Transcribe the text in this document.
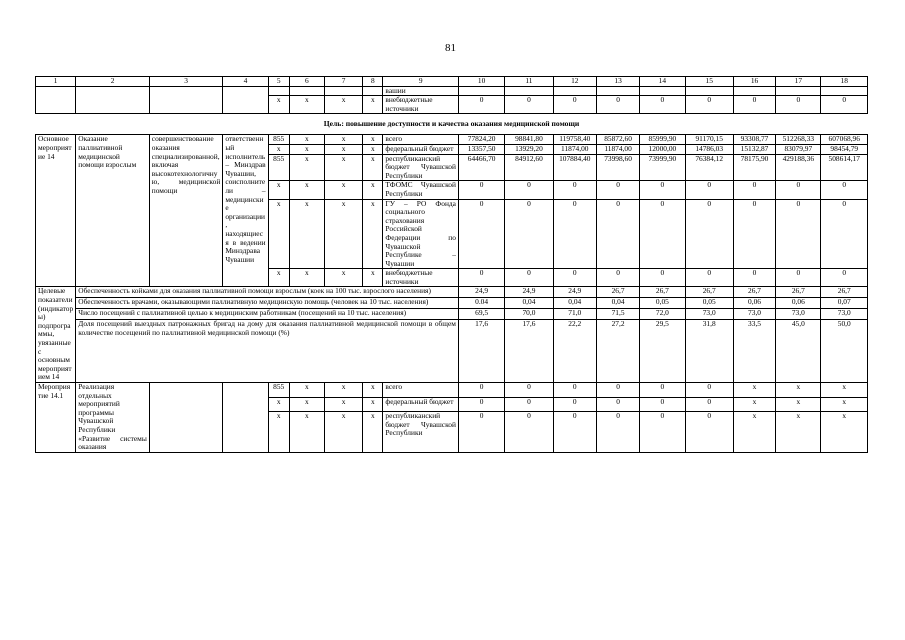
81
1	2	3	4	5	6	7	8	9	10	11	12	13	14	15	16	17	18
								вашии									
				х	х	х	х	внебюджетные источники	0	0	0	0	0	0	0	0	0
Цель: повышение доступности и качества оказания медицинской помощи																	
Основное мероприятие 14	Оказание паллиативной медицинской помощи взрослым	совершенствование оказания специализированной, включая высокотехнологичную, медицинской помощи	ответственный исполнитель – Минздрав Чувашии, соисполнители – медицинские организации, находящиеся в ведении Минздрава Чувашии	855	х	х	х	всего	77824,20	98841,80	119758,40	85872,60	85999,90	91170,15	93308,77	512268,33	607068,96
				х	х	х	х	федеральный бюджет	13357,50	13929,20	11874,00	11874,00	12000,00	14786,03	15132,87	83079,97	98454,79
				855	х	х	х	республиканский бюджет Чувашской Республики	64466,70	84912,60	107884,40	73998,60	73999,90	76384,12	78175,90	429188,36	508614,17
				х	х	х	х	ТФОМС Чувашской Республики	0	0	0	0	0	0	0	0	0
				х	х	х	х	ГУ – РО Фонда социального страхования Российской Федерации по Чувашской Республике – Чувашии	0	0	0	0	0	0	0	0	0
				х	х	х	х	внебюджетные источники	0	0	0	0	0	0	0	0	0
Целевые показатели (индикаторы) подпрограммы, увязанные с основным мероприятием 14	Обеспеченность койками для оказания паллиативной помощи взрослым (коек на 100 тыс. взрослого населения)								24,9	24,9	24,9	26,7	26,7	26,7	26,7	26,7	26,7
	Обеспеченность врачами, оказывающими паллиативную медицинскую помощь (человек на 10 тыс. населения)								0.04	0,04	0,04	0,04	0,05	0,05	0,06	0,06	0,07
	Число посещений с паллиативной целью к медицинским работникам (посещений на 10 тыс. населения)								69,5	70,0	71,0	71,5	72,0	73,0	73,0	73,0	73,0
	Доля посещений выездных патронажных бригад на дому для оказания паллиативной медицинской помощи в общем количестве посещений по паллиативной медицинской помощи (%)								17,6	17,6	22,2	27,2	29,5	31,8	33,5	45,0	50,0
Мероприятие 14.1	Реализация отдельных мероприятий программы Чувашской Республики «Развитие системы оказания			855	х	х	х	всего	0	0	0	0	0	0	х	х	х
				х	х	х	х	федеральный бюджет	0	0	0	0	0	0	х	х	х
				х	х	х	х	республиканский бюджет Чувашской Республики	0	0	0	0	0	0	х	х	х
